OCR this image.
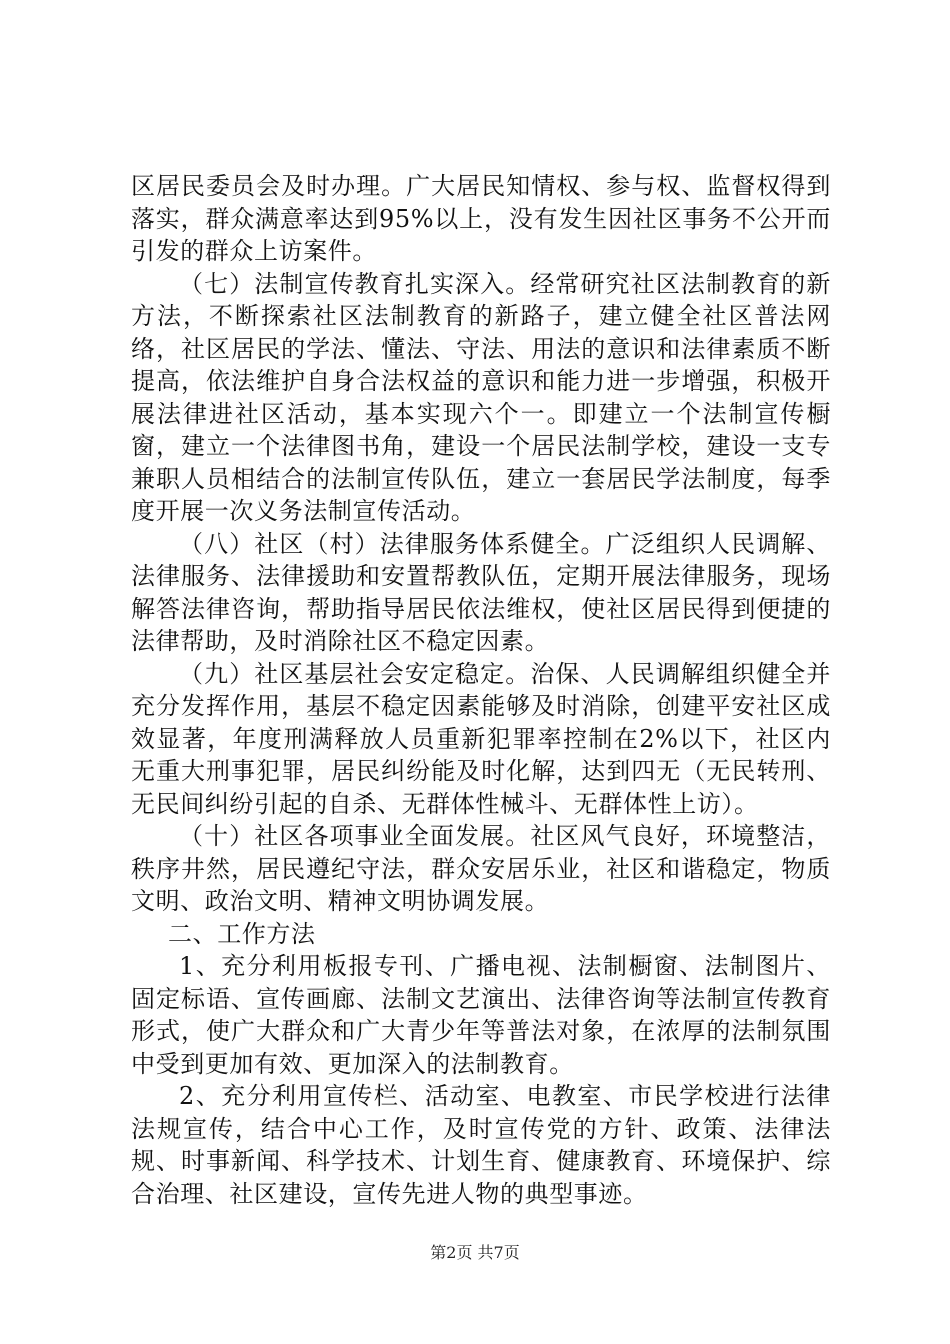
区居民委员会及时办理。广大居民知情权、参与权、监督权得到落实，群众满意率达到95%以上，没有发生因社区事务不公开而引发的群众上访案件。

（七）法制宣传教育扎实深入。经常研究社区法制教育的新方法，不断探索社区法制教育的新路子，建立健全社区普法网络，社区居民的学法、懂法、守法、用法的意识和法律素质不断提高，依法维护自身合法权益的意识和能力进一步增强，积极开展法律进社区活动，基本实现六个一。即建立一个法制宣传橱窗，建立一个法律图书角，建设一个居民法制学校，建设一支专兼职人员相结合的法制宣传队伍，建立一套居民学法制度，每季度开展一次义务法制宣传活动。

（八）社区（村）法律服务体系健全。广泛组织人民调解、法律服务、法律援助和安置帮教队伍，定期开展法律服务，现场解答法律咨询，帮助指导居民依法维权，使社区居民得到便捷的法律帮助，及时消除社区不稳定因素。

（九）社区基层社会安定稳定。治保、人民调解组织健全并充分发挥作用，基层不稳定因素能够及时消除，创建平安社区成效显著，年度刑满释放人员重新犯罪率控制在2%以下，社区内无重大刑事犯罪，居民纠纷能及时化解，达到四无（无民转刑、无民间纠纷引起的自杀、无群体性械斗、无群体性上访）。

（十）社区各项事业全面发展。社区风气良好，环境整洁，秩序井然，居民遵纪守法，群众安居乐业，社区和谐稳定，物质文明、政治文明、精神文明协调发展。

二、工作方法

1、充分利用板报专刊、广播电视、法制橱窗、法制图片、固定标语、宣传画廊、法制文艺演出、法律咨询等法制宣传教育形式，使广大群众和广大青少年等普法对象，在浓厚的法制氛围中受到更加有效、更加深入的法制教育。

2、充分利用宣传栏、活动室、电教室、市民学校进行法律法规宣传，结合中心工作，及时宣传党的方针、政策、法律法规、时事新闻、科学技术、计划生育、健康教育、环境保护、综合治理、社区建设，宣传先进人物的典型事迹。

第2页 共7页
